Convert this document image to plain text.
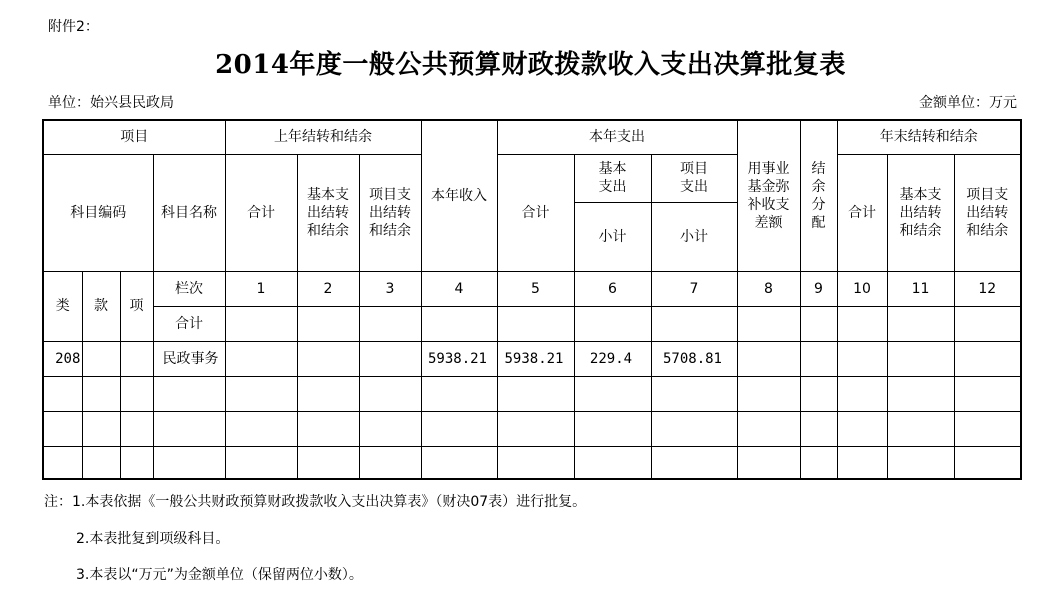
附件2：
2014年度一般公共预算财政拨款收入支出决算批复表
单位：始兴县民政局	金额单位：万元
项目				上年结转和结余			本年收入	本年支出			用事业基金弥补收支差额	结余分配	年末结转和结余		
科目编码			科目名称	合计	基本支出结转和结余	项目支出结转和结余		合计	基本支出	项目支出			合计	基本支出结转和结余	项目支出结转和结余
									小计	小计					
类	款	项	栏次	1	2	3	4	5	6	7	8	9	10	11	12
			合计												
208			民政事务				5938.21	5938.21	229.4	5708.81					

注：1.本表依据《一般公共财政预算财政拨款收入支出决算表》（财决07表）进行批复。
2.本表批复到项级科目。
3.本表以“万元”为金额单位（保留两位小数）。
